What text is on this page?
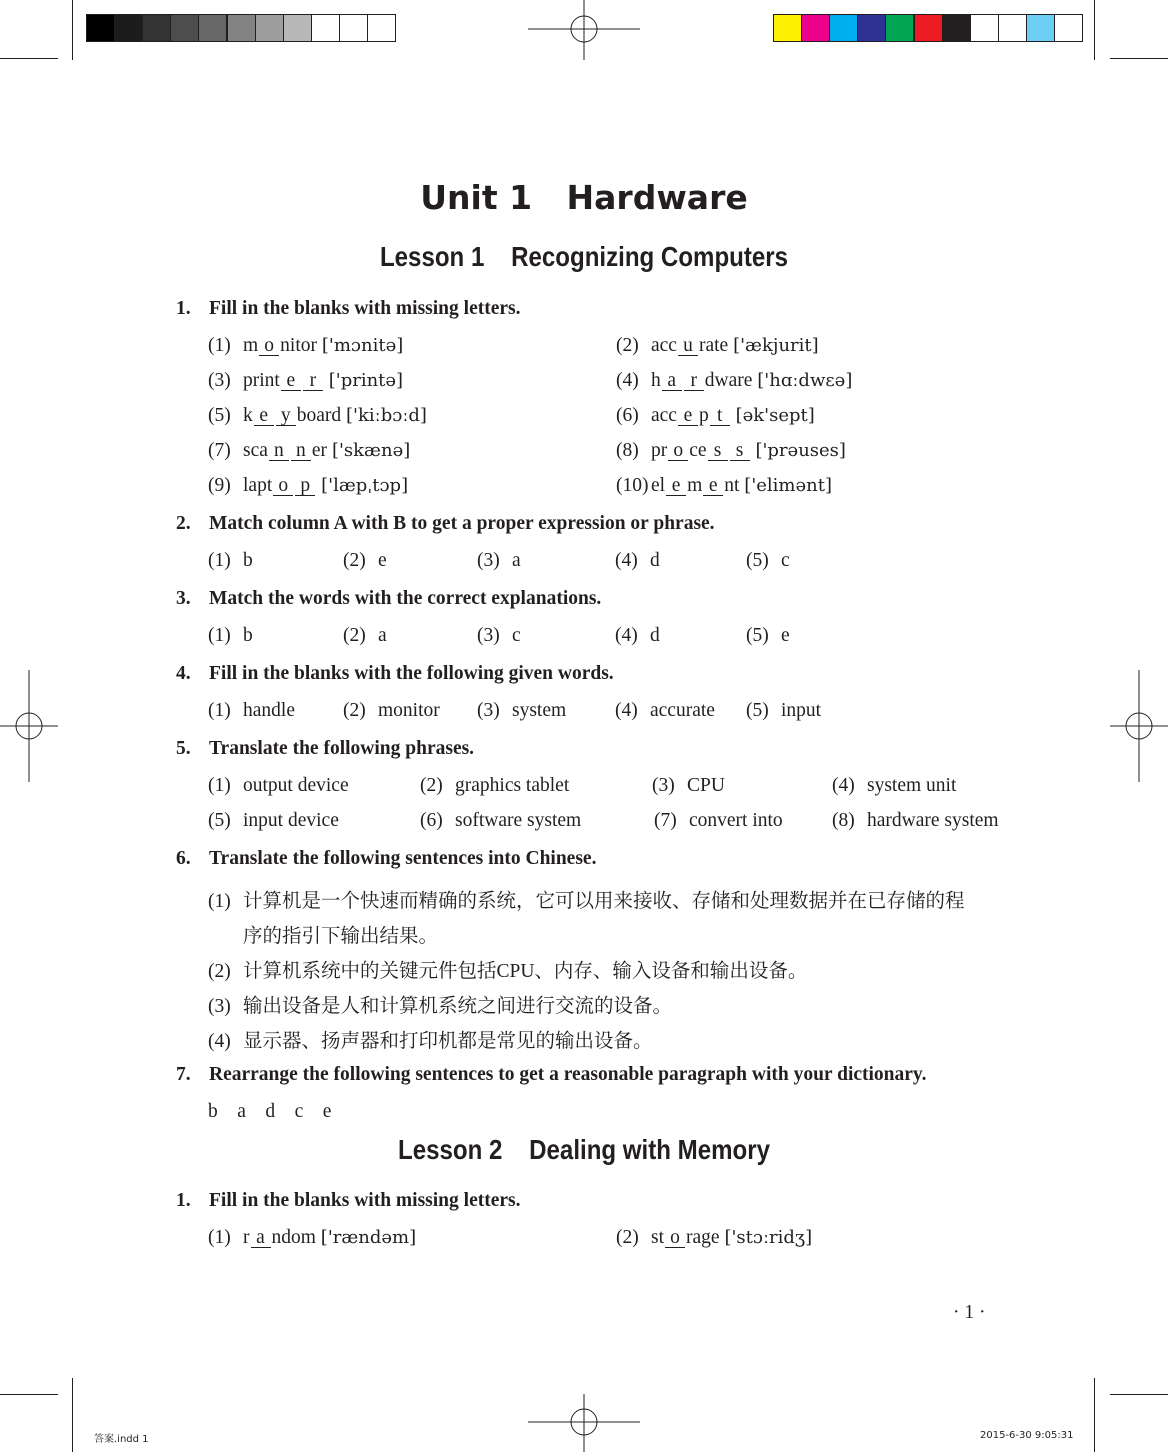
Unit 1   Hardware
Lesson 1    Recognizing Computers
1. Fill in the blanks with missing letters.
(1) m o nitor ['mɔnitə]	(2) acc u rate ['ækjurit]
(3) print e r ['printə]	(4) h a r dware ['hɑːdwɛə]
(5) k e y board ['kiːbɔːd]	(6) acc e p t [ək'sept]
(7) sca n n er ['skænə]	(8) pr o ce s s ['prəuses]
(9) lapt o p ['læpˌtɔp]	(10) el e m e nt ['elimənt]
2. Match column A with B to get a proper expression or phrase.
(1) b	(2) e	(3) a	(4) d	(5) c
3. Match the words with the correct explanations.
(1) b	(2) a	(3) c	(4) d	(5) e
4. Fill in the blanks with the following given words.
(1) handle (2) monitor (3) system	(4) accurate (5) input
5. Translate the following phrases.
(1) output device	(2) graphics tablet	(3) CPU	(4) system unit
(5) input device	(6) software system	(7) convert into	(8) hardware system
6. Translate the following sentences into Chinese.
(1) 计算机是一个快速而精确的系统，它可以用来接收、存储和处理数据并在已存储的程
序的指引下输出结果。
(2) 计算机系统中的关键元件包括CPU、内存、输入设备和输出设备。
(3) 输出设备是人和计算机系统之间进行交流的设备。
(4) 显示器、扬声器和打印机都是常见的输出设备。
7. Rearrange the following sentences to get a reasonable paragraph with your dictionary.
b    a    d    c    e
Lesson 2    Dealing with Memory
1. Fill in the blanks with missing letters.
(1) r a ndom ['rændəm]	(2) st o rage ['stɔːridʒ]
· 1 ·
答案.indd 1	2015-6-30 9:05:31
